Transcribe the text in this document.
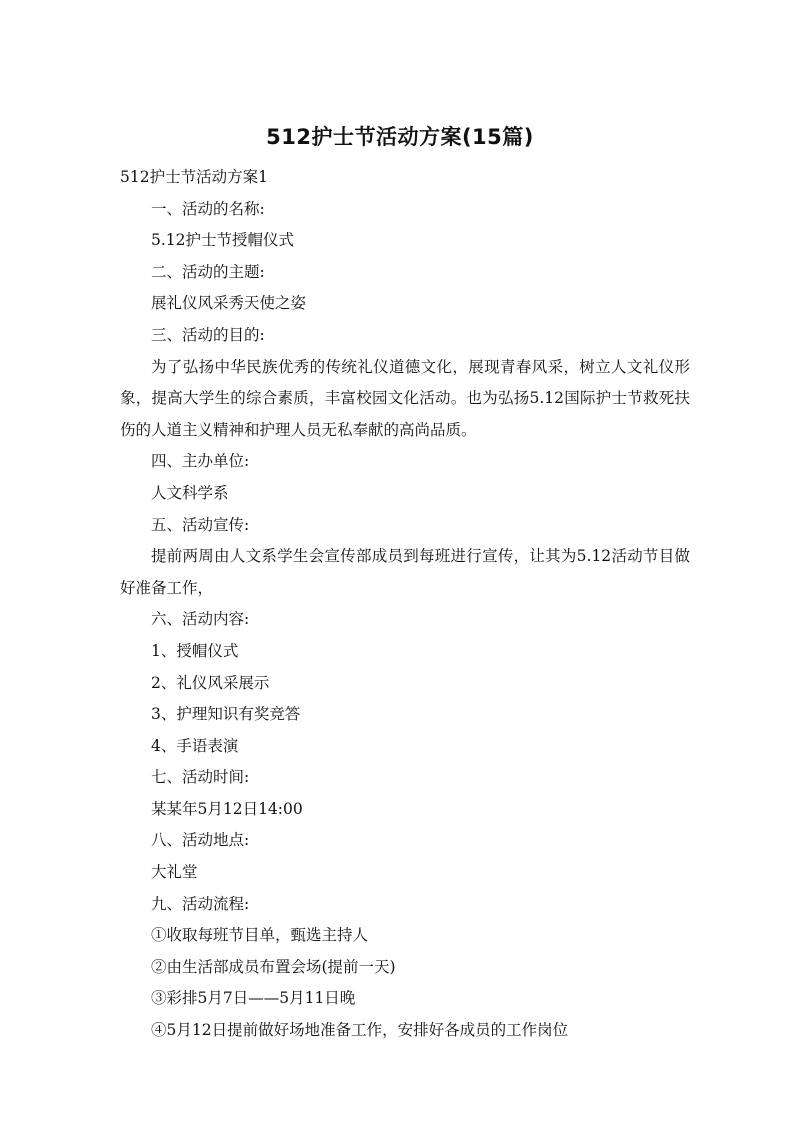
512护士节活动方案(15篇)

512护士节活动方案1

一、活动的名称:

5.12护士节授帽仪式

二、活动的主题:

展礼仪风采秀天使之姿

三、活动的目的:

为了弘扬中华民族优秀的传统礼仪道德文化，展现青春风采，树立人文礼仪形象，提高大学生的综合素质，丰富校园文化活动。也为弘扬5.12国际护士节救死扶伤的人道主义精神和护理人员无私奉献的高尚品质。

四、主办单位:

人文科学系

五、活动宣传:

提前两周由人文系学生会宣传部成员到每班进行宣传，让其为5.12活动节目做好准备工作，

六、活动内容:

1、授帽仪式

2、礼仪风采展示

3、护理知识有奖竞答

4、手语表演

七、活动时间:

某某年5月12日14:00

八、活动地点:

大礼堂

九、活动流程:

①收取每班节目单，甄选主持人

②由生活部成员布置会场(提前一天)

③彩排5月7日——5月11日晚

④5月12日提前做好场地准备工作，安排好各成员的工作岗位
